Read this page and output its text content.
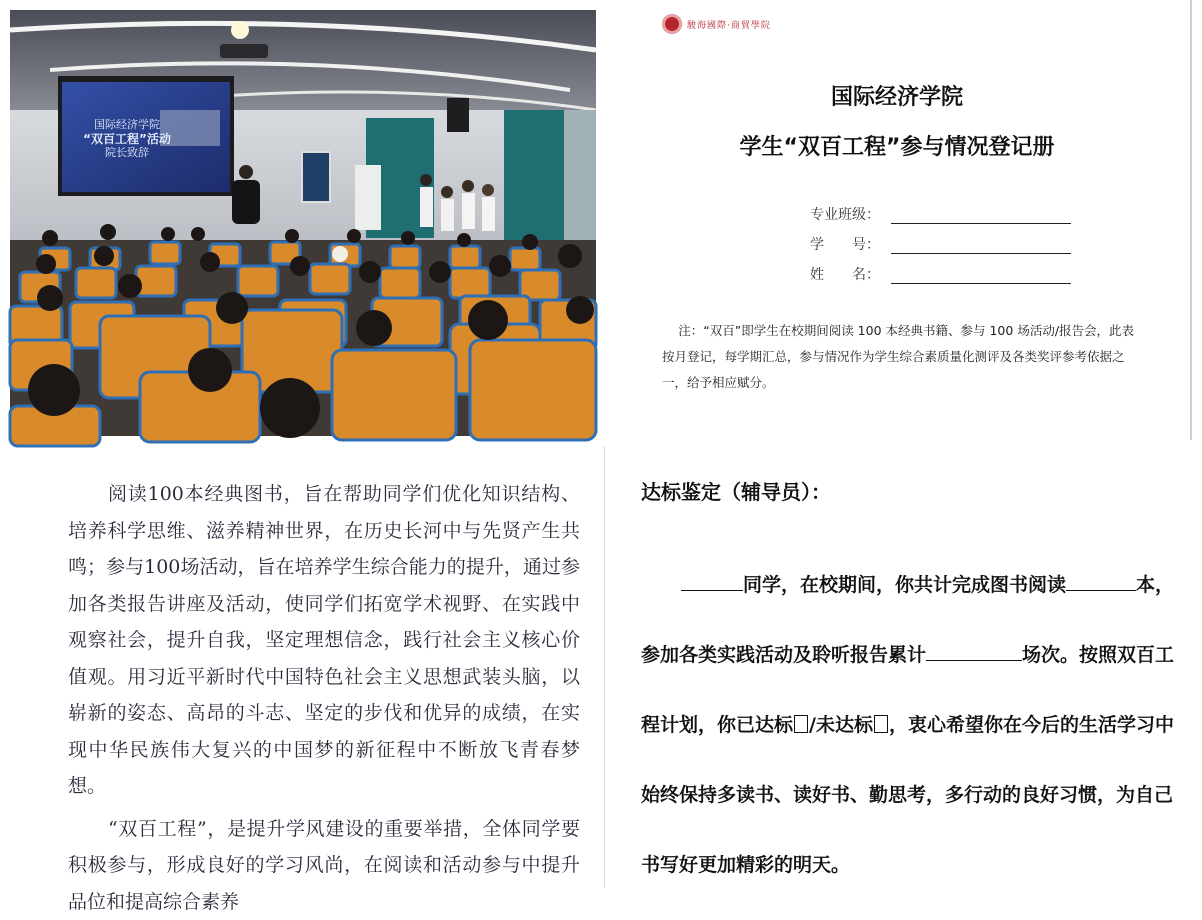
国际经济学院
“双百工程”活动
院长致辞
駿海國際·商貿學院
国际经济学院
学生“双百工程”参与情况登记册
专业班级：
学　　号：
姓　　名：
注：“双百”即学生在校期间阅读 100 本经典书籍、参与 100 场活动/报告会，此表按月登记，每学期汇总，参与情况作为学生综合素质量化测评及各类奖评参考依据之一，给予相应赋分。

阅读100本经典图书，旨在帮助同学们优化知识结构、培养科学思维、滋养精神世界，在历史长河中与先贤产生共鸣；参与100场活动，旨在培养学生综合能力的提升，通过参加各类报告讲座及活动，使同学们拓宽学术视野、在实践中观察社会，提升自我，坚定理想信念，践行社会主义核心价值观。用习近平新时代中国特色社会主义思想武装头脑，以崭新的姿态、高昂的斗志、坚定的步伐和优异的成绩，在实现中华民族伟大复兴的中国梦的新征程中不断放飞青春梦想。

“双百工程”，是提升学风建设的重要举措，全体同学要积极参与，形成良好的学习风尚，在阅读和活动参与中提升品位和提高综合素养

达标鉴定（辅导员）：
同学，在校期间，你共计完成图书阅读	本，参加各类实践活动及聆听报告累计	场次。按照双百工程计划，你已达标 /未达标 ，衷心希望你在今后的生活学习中始终保持多读书、读好书、勤思考，多行动的良好习惯，为自己书写好更加精彩的明天。
